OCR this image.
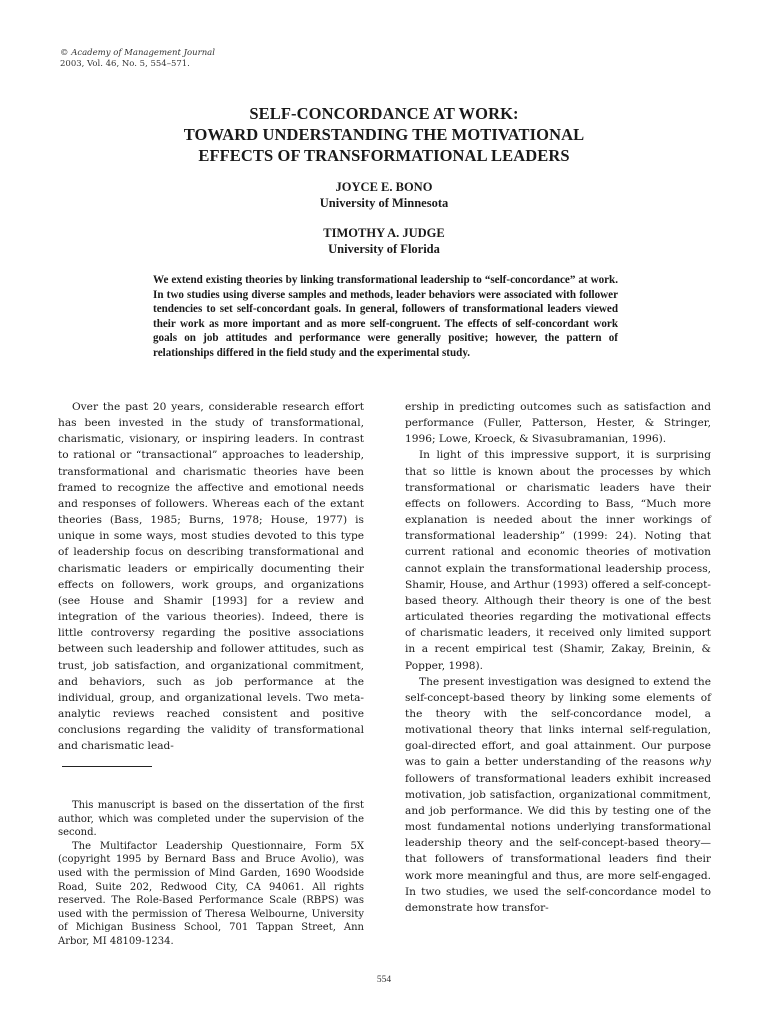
© Academy of Management Journal
2003, Vol. 46, No. 5, 554–571.
SELF-CONCORDANCE AT WORK:
TOWARD UNDERSTANDING THE MOTIVATIONAL
EFFECTS OF TRANSFORMATIONAL LEADERS
JOYCE E. BONO
University of Minnesota
TIMOTHY A. JUDGE
University of Florida
We extend existing theories by linking transformational leadership to “self-concordance” at work. In two studies using diverse samples and methods, leader behaviors were associated with follower tendencies to set self-concordant goals. In general, followers of transformational leaders viewed their work as more important and as more self-congruent. The effects of self-concordant work goals on job attitudes and performance were generally positive; however, the pattern of relationships differed in the field study and the experimental study.

Over the past 20 years, considerable research effort has been invested in the study of transformational, charismatic, visionary, or inspiring leaders. In contrast to rational or “transactional” approaches to leadership, transformational and charismatic theories have been framed to recognize the affective and emotional needs and responses of followers. Whereas each of the extant theories (Bass, 1985; Burns, 1978; House, 1977) is unique in some ways, most studies devoted to this type of leadership focus on describing transformational and charismatic leaders or empirically documenting their effects on followers, work groups, and organizations (see House and Shamir [1993] for a review and integration of the various theories). Indeed, there is little controversy regarding the positive associations between such leadership and follower attitudes, such as trust, job satisfaction, and organizational commitment, and behaviors, such as job performance at the individual, group, and organizational levels. Two meta-analytic reviews reached consistent and positive conclusions regarding the validity of transformational and charismatic lead-

ership in predicting outcomes such as satisfaction and performance (Fuller, Patterson, Hester, & Stringer, 1996; Lowe, Kroeck, & Sivasubramanian, 1996).

In light of this impressive support, it is surprising that so little is known about the processes by which transformational or charismatic leaders have their effects on followers. According to Bass, “Much more explanation is needed about the inner workings of transformational leadership” (1999: 24). Noting that current rational and economic theories of motivation cannot explain the transformational leadership process, Shamir, House, and Arthur (1993) offered a self-concept-based theory. Although their theory is one of the best articulated theories regarding the motivational effects of charismatic leaders, it received only limited support in a recent empirical test (Shamir, Zakay, Breinin, & Popper, 1998).

The present investigation was designed to extend the self-concept-based theory by linking some elements of the theory with the self-concordance model, a motivational theory that links internal self-regulation, goal-directed effort, and goal attainment. Our purpose was to gain a better understanding of the reasons why followers of transformational leaders exhibit increased motivation, job satisfaction, organizational commitment, and job performance. We did this by testing one of the most fundamental notions underlying transformational leadership theory and the self-concept-based theory—that followers of transformational leaders find their work more meaningful and thus, are more self-engaged. In two studies, we used the self-concordance model to demonstrate how transfor-

This manuscript is based on the dissertation of the first author, which was completed under the supervision of the second.

The Multifactor Leadership Questionnaire, Form 5X (copyright 1995 by Bernard Bass and Bruce Avolio), was used with the permission of Mind Garden, 1690 Woodside Road, Suite 202, Redwood City, CA 94061. All rights reserved. The Role-Based Performance Scale (RBPS) was used with the permission of Theresa Welbourne, University of Michigan Business School, 701 Tappan Street, Ann Arbor, MI 48109-1234.

554
